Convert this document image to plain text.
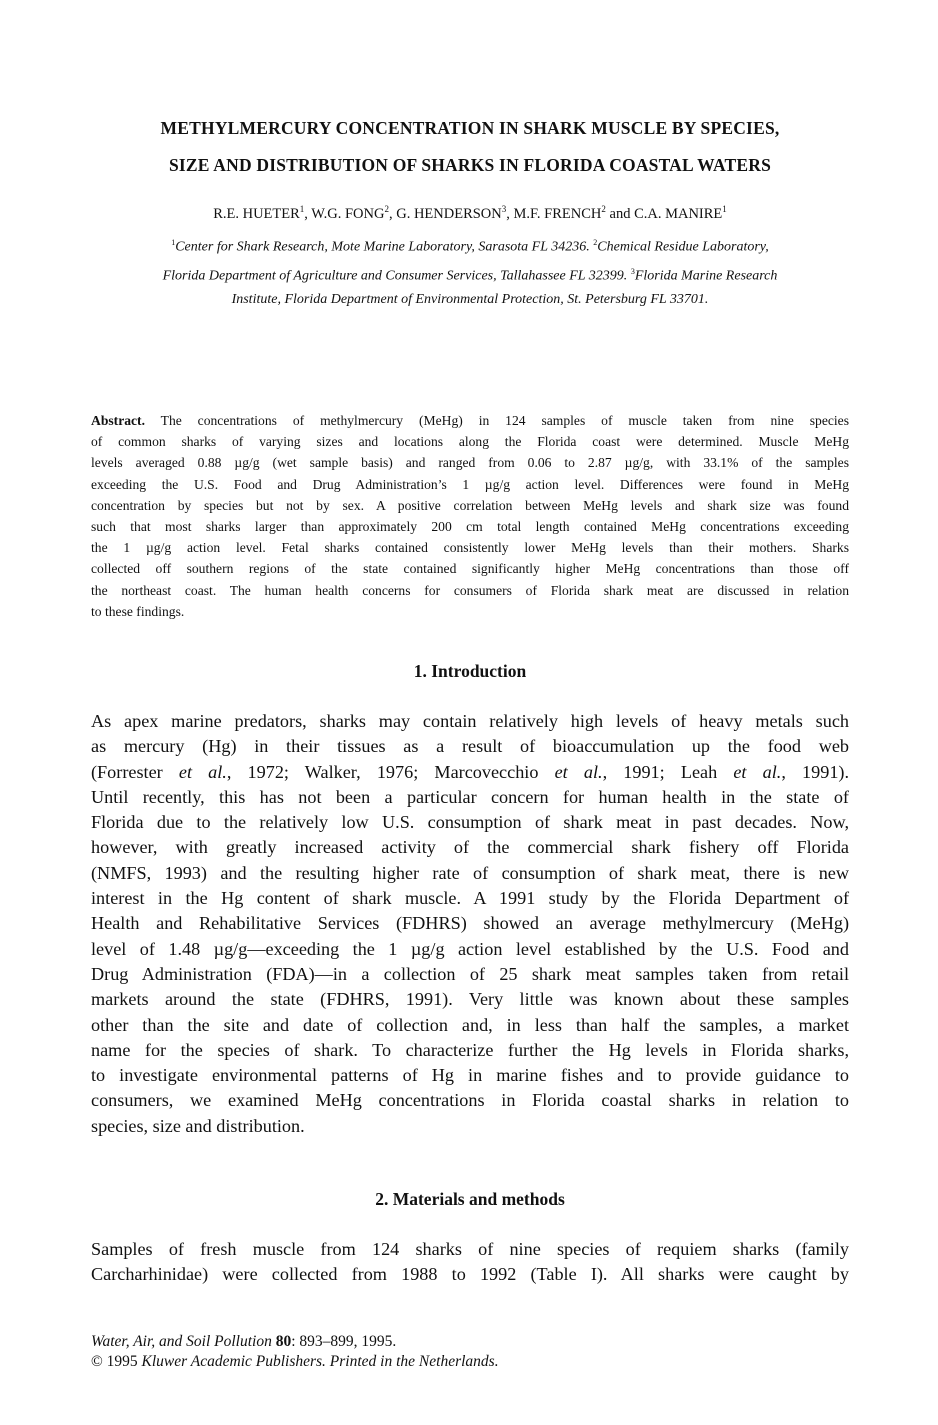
METHYLMERCURY CONCENTRATION IN SHARK MUSCLE BY SPECIES,
SIZE AND DISTRIBUTION OF SHARKS IN FLORIDA COASTAL WATERS
R.E. HUETER$^1$, W.G. FONG$^2$, G. HENDERSON$^3$, M.F. FRENCH$^2$ and C.A. MANIRE$^1$
$^1$Center for Shark Research, Mote Marine Laboratory, Sarasota FL 34236. $^2$Chemical Residue Laboratory,
Florida Department of Agriculture and Consumer Services, Tallahassee FL 32399. $^3$Florida Marine Research
Institute, Florida Department of Environmental Protection, St. Petersburg FL 33701.
Abstract. The concentrations of methylmercury (MeHg) in 124 samples of muscle taken from nine species
of common sharks of varying sizes and locations along the Florida coast were determined. Muscle MeHg
levels averaged 0.88 µg/g (wet sample basis) and ranged from 0.06 to 2.87 µg/g, with 33.1% of the samples
exceeding the U.S. Food and Drug Administration’s 1 µg/g action level. Differences were found in MeHg
concentration by species but not by sex. A positive correlation between MeHg levels and shark size was found
such that most sharks larger than approximately 200 cm total length contained MeHg concentrations exceeding
the 1 µg/g action level. Fetal sharks contained consistently lower MeHg levels than their mothers. Sharks
collected off southern regions of the state contained significantly higher MeHg concentrations than those off
the northeast coast. The human health concerns for consumers of Florida shark meat are discussed in relation
to these findings.
1. Introduction
As apex marine predators, sharks may contain relatively high levels of heavy metals such
as mercury (Hg) in their tissues as a result of bioaccumulation up the food web
(Forrester et al., 1972; Walker, 1976; Marcovecchio et al., 1991; Leah et al., 1991).
Until recently, this has not been a particular concern for human health in the state of
Florida due to the relatively low U.S. consumption of shark meat in past decades. Now,
however, with greatly increased activity of the commercial shark fishery off Florida
(NMFS, 1993) and the resulting higher rate of consumption of shark meat, there is new
interest in the Hg content of shark muscle. A 1991 study by the Florida Department of
Health and Rehabilitative Services (FDHRS) showed an average methylmercury (MeHg)
level of 1.48 µg/g—exceeding the 1 µg/g action level established by the U.S. Food and
Drug Administration (FDA)—in a collection of 25 shark meat samples taken from retail
markets around the state (FDHRS, 1991). Very little was known about these samples
other than the site and date of collection and, in less than half the samples, a market
name for the species of shark. To characterize further the Hg levels in Florida sharks,
to investigate environmental patterns of Hg in marine fishes and to provide guidance to
consumers, we examined MeHg concentrations in Florida coastal sharks in relation to
species, size and distribution.
2. Materials and methods
Samples of fresh muscle from 124 sharks of nine species of requiem sharks (family
Carcharhinidae) were collected from 1988 to 1992 (Table I). All sharks were caught by
Water, Air, and Soil Pollution 80: 893–899, 1995.
© 1995 Kluwer Academic Publishers. Printed in the Netherlands.
